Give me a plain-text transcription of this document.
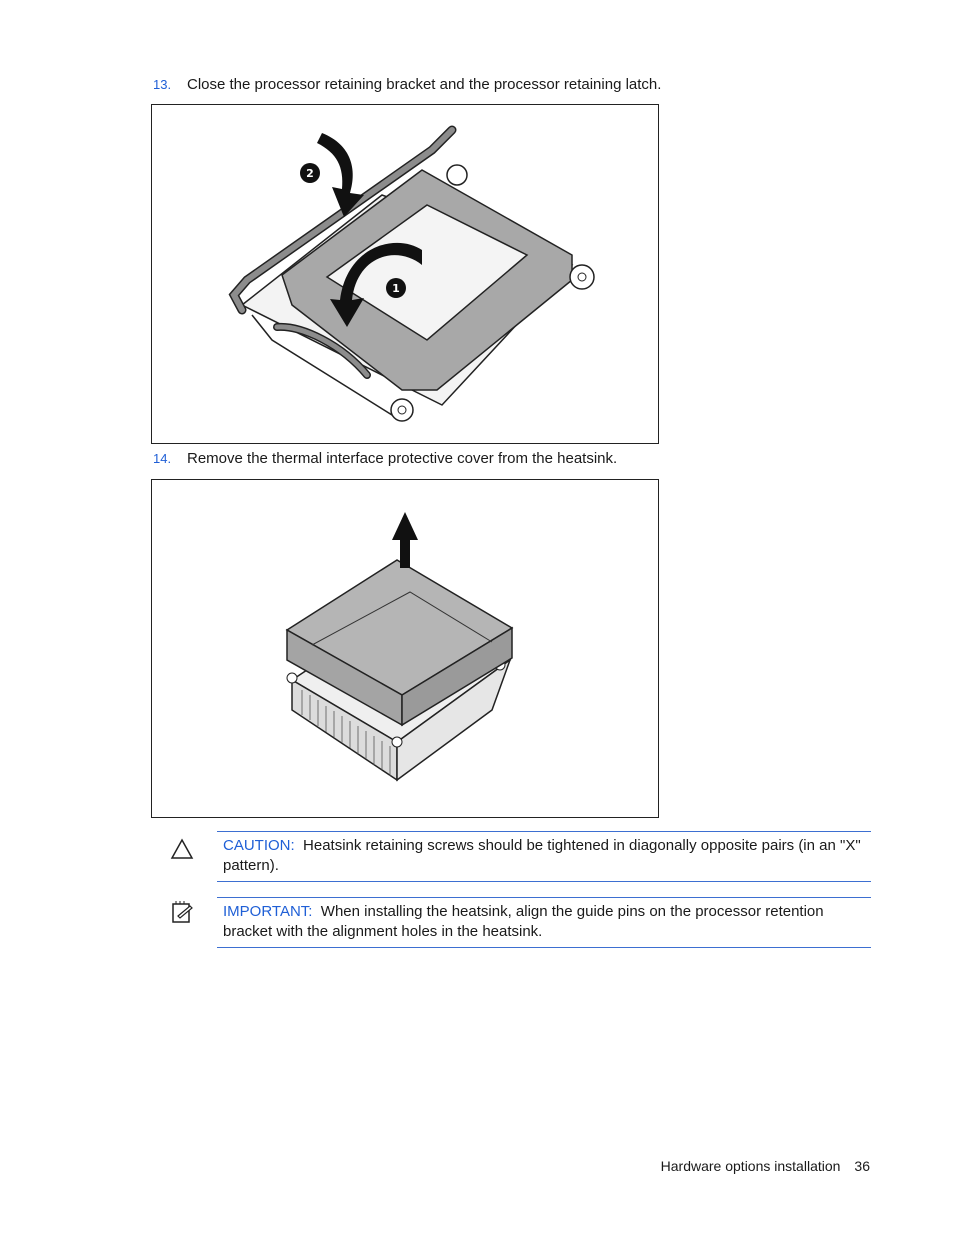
13. Close the processor retaining bracket and the processor retaining latch.
2
1
14. Remove the thermal interface protective cover from the heatsink.
CAUTION: Heatsink retaining screws should be tightened in diagonally opposite pairs (in an "X" pattern).
IMPORTANT: When installing the heatsink, align the guide pins on the processor retention bracket with the alignment holes in the heatsink.
Hardware options installation 36
